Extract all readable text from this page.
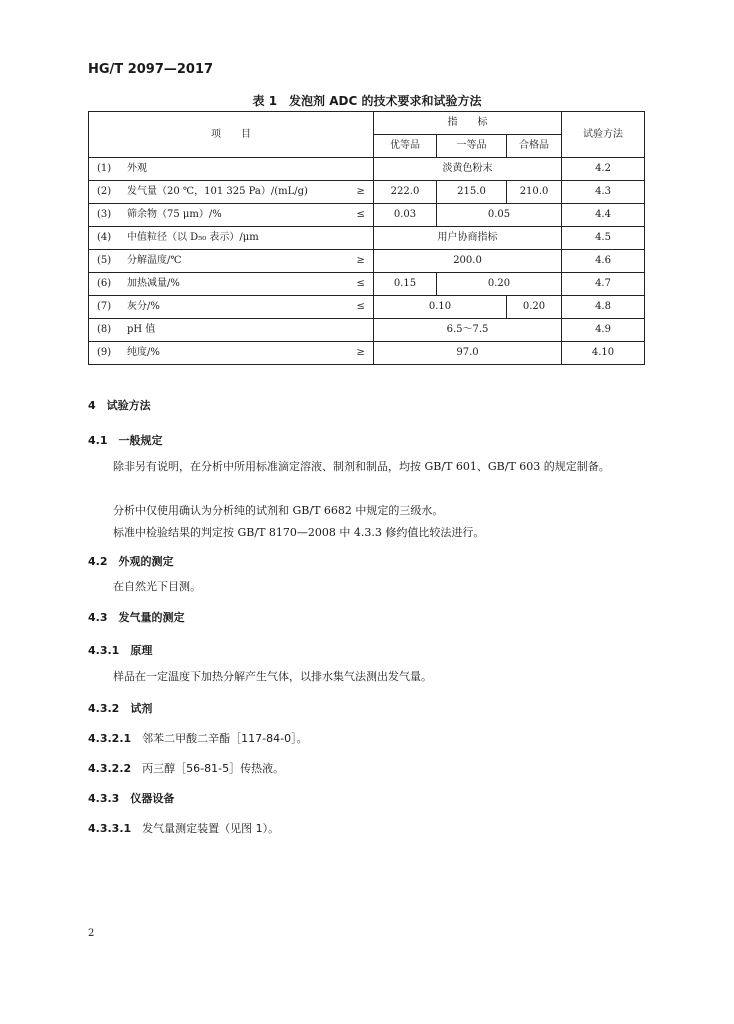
HG/T 2097—2017
表 1　发泡剂 ADC 的技术要求和试验方法
项　　目		指　　标			试验方法
		优等品	一等品	合格品	
(1) 外观		淡黄色粉末			4.2
(2) 发气量（20 ℃，101 325 Pa）/(mL/g)	≥	222.0	215.0	210.0	4.3
(3) 筛余物（75 μm）/%	≤	0.03	0.05		4.4
(4) 中值粒径（以 D₅₀ 表示）/μm		用户协商指标			4.5
(5) 分解温度/℃	≥	200.0			4.6
(6) 加热减量/%	≤	0.15	0.20		4.7
(7) 灰分/%	≤	0.10		0.20	4.8
(8) pH 值		6.5～7.5			4.9
(9) 纯度/%	≥	97.0			4.10
4　试验方法
4.1　一般规定
除非另有说明，在分析中所用标准滴定溶液、制剂和制品，均按 GB/T 601、GB/T 603 的规定制备。
分析中仅使用确认为分析纯的试剂和 GB/T 6682 中规定的三级水。
标准中检验结果的判定按 GB/T 8170—2008 中 4.3.3 修约值比较法进行。
4.2　外观的测定
在自然光下目测。
4.3　发气量的测定
4.3.1　原理
样品在一定温度下加热分解产生气体，以排水集气法测出发气量。
4.3.2　试剂
4.3.2.1　 邻苯二甲酸二辛酯［117-84-0］。
4.3.2.2　 丙三醇［56-81-5］传热液。
4.3.3　仪器设备
4.3.3.1　 发气量测定装置（见图 1）。
2
